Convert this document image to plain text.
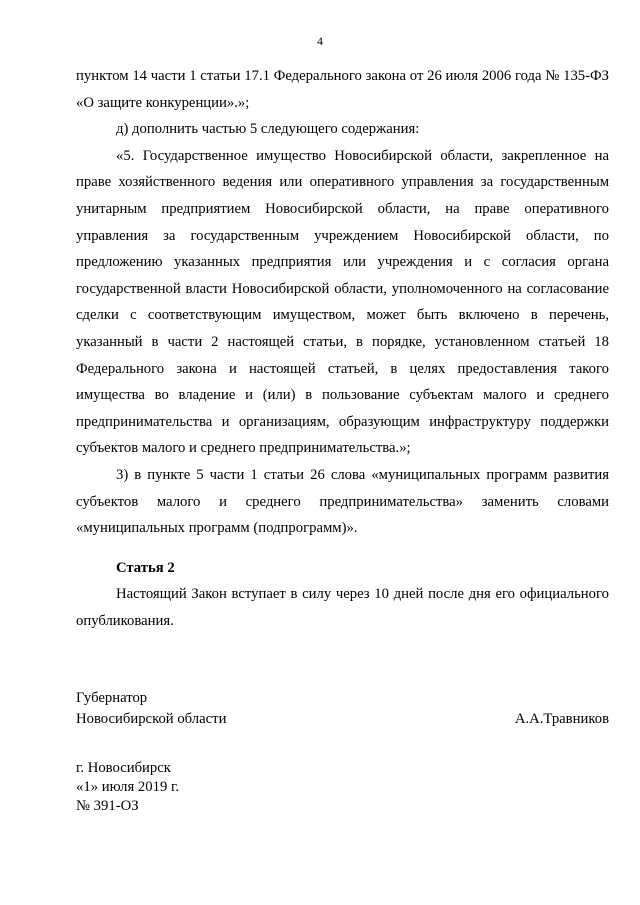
4

пунктом 14 части 1 статьи 17.1 Федерального закона от 26 июля 2006 года № 135-ФЗ «О защите конкуренции».»;

д) дополнить частью 5 следующего содержания:

«5. Государственное имущество Новосибирской области, закрепленное на праве хозяйственного ведения или оперативного управления за государственным унитарным предприятием Новосибирской области, на праве оперативного управления за государственным учреждением Новосибирской области, по предложению указанных предприятия или учреждения и с согласия органа государственной власти Новосибирской области, уполномоченного на согласование сделки с соответствующим имуществом, может быть включено в перечень, указанный в части 2 настоящей статьи, в порядке, установленном статьей 18 Федерального закона и настоящей статьей, в целях предоставления такого имущества во владение и (или) в пользование субъектам малого и среднего предпринимательства и организациям, образующим инфраструктуру поддержки субъектов малого и среднего предпринимательства.»;

3) в пункте 5 части 1 статьи 26 слова «муниципальных программ развития субъектов малого и среднего предпринимательства» заменить словами «муниципальных программ (подпрограмм)».

Статья 2

Настоящий Закон вступает в силу через 10 дней после дня его официального опубликования.

Губернатор
Новосибирской области	А.А.Травников
г. Новосибирск
«1» июля 2019 г.
№ 391-ОЗ
